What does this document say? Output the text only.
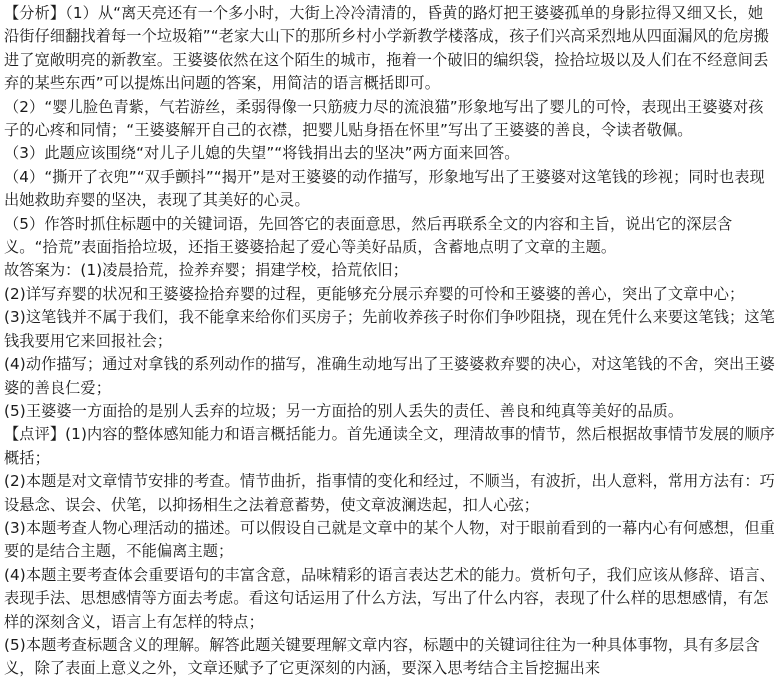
【分析】（1）从“离天亮还有一个多小时，大街上冷冷清清的，昏黄的路灯把王婆婆孤单的身影拉得又细又长，她沿街仔细翻找着每一个垃圾箱”“老家大山下的那所乡村小学新教学楼落成，孩子们兴高采烈地从四面漏风的危房搬进了宽敞明亮的新教室。王婆婆依然在这个陌生的城市，拖着一个破旧的编织袋，捡拾垃圾以及人们在不经意间丢弃的某些东西”可以提炼出问题的答案，用简洁的语言概括即可。

（2）“婴儿脸色青紫，气若游丝，柔弱得像一只筋疲力尽的流浪猫”形象地写出了婴儿的可怜，表现出王婆婆对孩子的心疼和同情；“王婆婆解开自己的衣襟，把婴儿贴身捂在怀里”写出了王婆婆的善良，令读者敬佩。

（3）此题应该围绕“对儿子儿媳的失望”“将钱捐出去的坚决”两方面来回答。

（4）“撕开了衣兜”“双手颤抖”“揭开”是对王婆婆的动作描写，形象地写出了王婆婆对这笔钱的珍视；同时也表现出她救助弃婴的坚决，表现了其美好的心灵。

（5）作答时抓住标题中的关键词语，先回答它的表面意思，然后再联系全文的内容和主旨，说出它的深层含义。“拾荒”表面指拾垃圾，还指王婆婆拾起了爱心等美好品质，含蓄地点明了文章的主题。

故答案为：(1)凌晨拾荒，捡养弃婴；捐建学校，拾荒依旧；

(2)详写弃婴的状况和王婆婆捡拾弃婴的过程，更能够充分展示弃婴的可怜和王婆婆的善心，突出了文章中心；

(3)这笔钱并不属于我们，我不能拿来给你们买房子；先前收养孩子时你们争吵阻挠，现在凭什么来要这笔钱；这笔钱我要用它来回报社会；

(4)动作描写；通过对拿钱的系列动作的描写，准确生动地写出了王婆婆救弃婴的决心，对这笔钱的不舍，突出王婆婆的善良仁爱；

(5)王婆婆一方面拾的是别人丢弃的垃圾；另一方面拾的别人丢失的责任、善良和纯真等美好的品质。

【点评】(1)内容的整体感知能力和语言概括能力。首先通读全文，理清故事的情节，然后根据故事情节发展的顺序概括；

(2)本题是对文章情节安排的考查。情节曲折，指事情的变化和经过，不顺当，有波折，出人意料，常用方法有：巧设悬念、误会、伏笔，以抑扬相生之法着意蓄势，使文章波澜迭起，扣人心弦；

(3)本题考查人物心理活动的描述。可以假设自己就是文章中的某个人物，对于眼前看到的一幕内心有何感想，但重要的是结合主题，不能偏离主题；

(4)本题主要考查体会重要语句的丰富含意，品味精彩的语言表达艺术的能力。赏析句子，我们应该从修辞、语言、表现手法、思想感情等方面去考虑。看这句话运用了什么方法，写出了什么内容，表现了什么样的思想感情，有怎样的深刻含义，语言上有怎样的特点；

(5)本题考查标题含义的理解。解答此题关键要理解文章内容，标题中的关键词往往为一种具体事物，具有多层含义，除了表面上意义之外，文章还赋予了它更深刻的内涵，要深入思考结合主旨挖掘出来
